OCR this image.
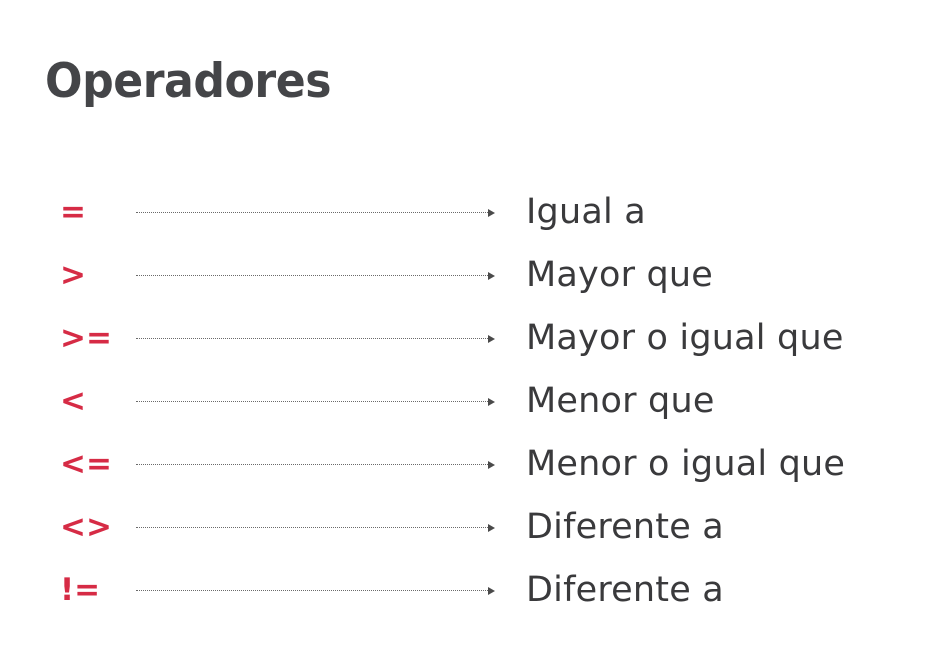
Operadores
=	Igual a
>	Mayor que
>=	Mayor o igual que
<	Menor que
<=	Menor o igual que
<>	Diferente a
!=	Diferente a
